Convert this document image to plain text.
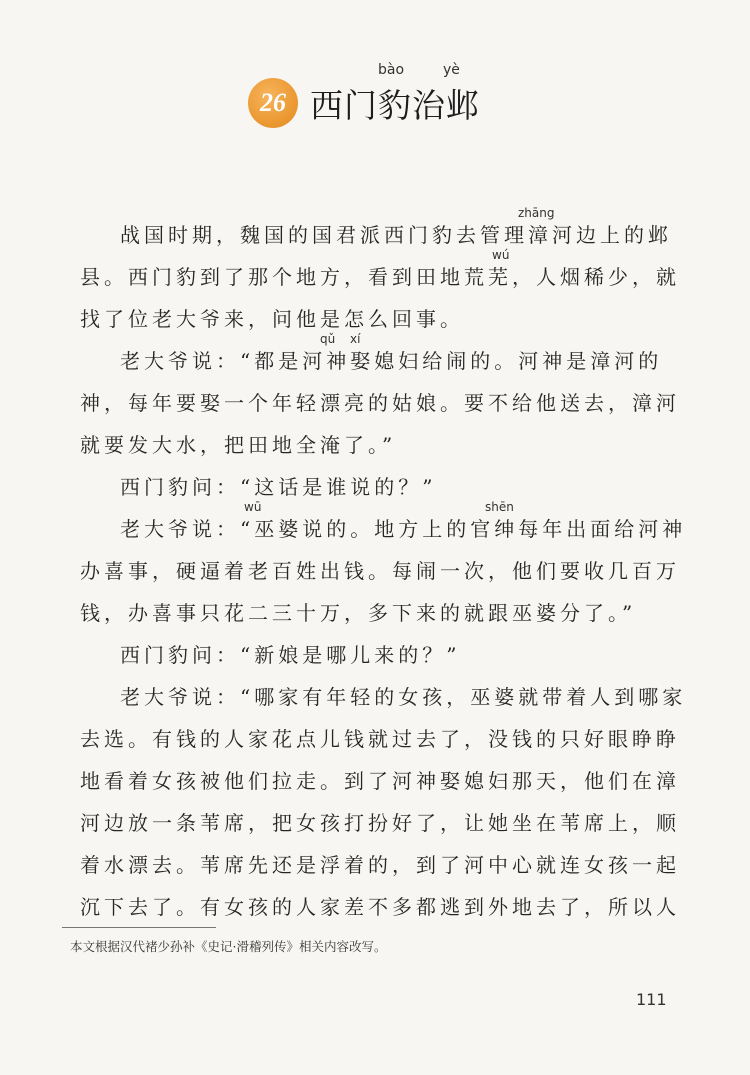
26
bào	yè
西门豹治邺
战国时期，魏国的国君派西门豹去管理漳河边上的邺
县。西门豹到了那个地方，看到田地荒芜，人烟稀少，就
找了位老大爷来，问他是怎么回事。
老大爷说：“都是河神娶媳妇给闹的。河神是漳河的
神，每年要娶一个年轻漂亮的姑娘。要不给他送去，漳河
就要发大水，把田地全淹了。”
西门豹问：“这话是谁说的？”
老大爷说：“巫婆说的。地方上的官绅每年出面给河神
办喜事，硬逼着老百姓出钱。每闹一次，他们要收几百万
钱，办喜事只花二三十万，多下来的就跟巫婆分了。”
西门豹问：“新娘是哪儿来的？”
老大爷说：“哪家有年轻的女孩，巫婆就带着人到哪家
去选。有钱的人家花点儿钱就过去了，没钱的只好眼睁睁
地看着女孩被他们拉走。到了河神娶媳妇那天，他们在漳
河边放一条苇席，把女孩打扮好了，让她坐在苇席上，顺
着水漂去。苇席先还是浮着的，到了河中心就连女孩一起
沉下去了。有女孩的人家差不多都逃到外地去了，所以人
zhāng
wú
qǔ xí
wū	shēn
本文根据汉代褚少孙补《史记·滑稽列传》相关内容改写。
111
